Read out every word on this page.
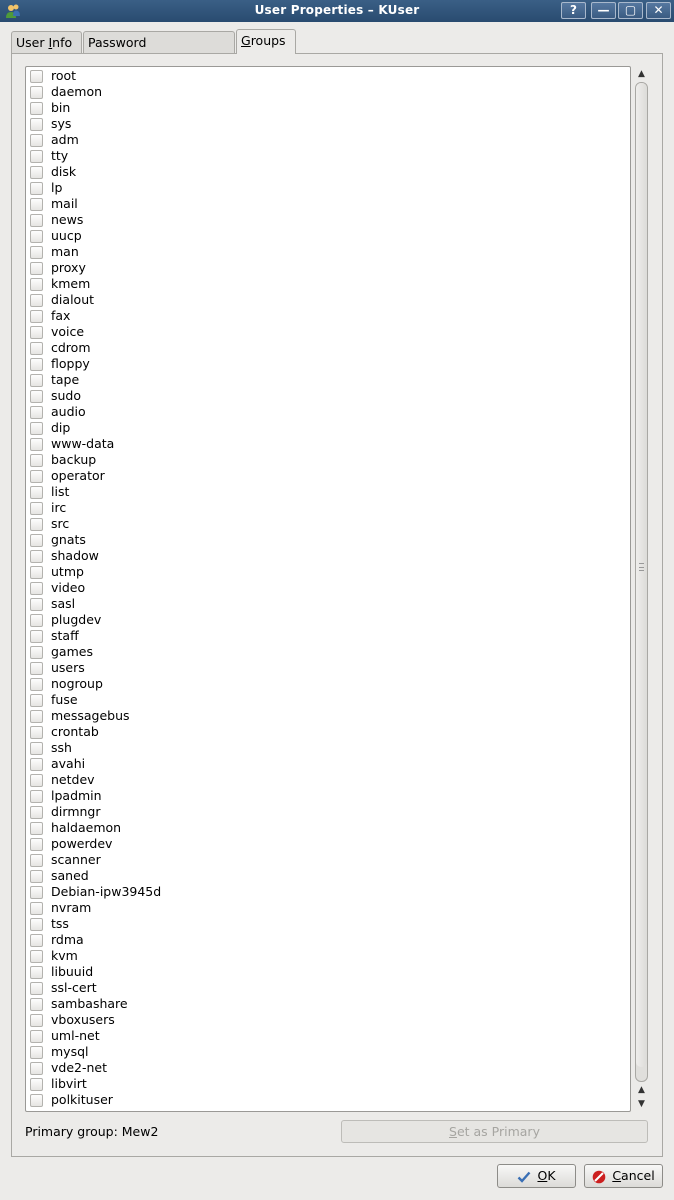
User Properties – KUser	?	—	▢	✕
User Info	Password	Groups
root
daemon
bin
sys
adm
tty
disk
lp
mail
news
uucp
man
proxy
kmem
dialout
fax
voice
cdrom
floppy
tape
sudo
audio
dip
www-data
backup
operator
list
irc
src
gnats
shadow
utmp
video
sasl
plugdev
staff
games
users
nogroup
fuse
messagebus
crontab
ssh
avahi
netdev
lpadmin
dirmngr
haldaemon
powerdev
scanner
saned
Debian-ipw3945d
nvram
tss
rdma
kvm
libuuid
ssl-cert
sambashare
vboxusers
uml-net
mysql
vde2-net
libvirt
polkituser
▲
▲
▼
Primary group: Mew2	Set as Primary
OK	Cancel
